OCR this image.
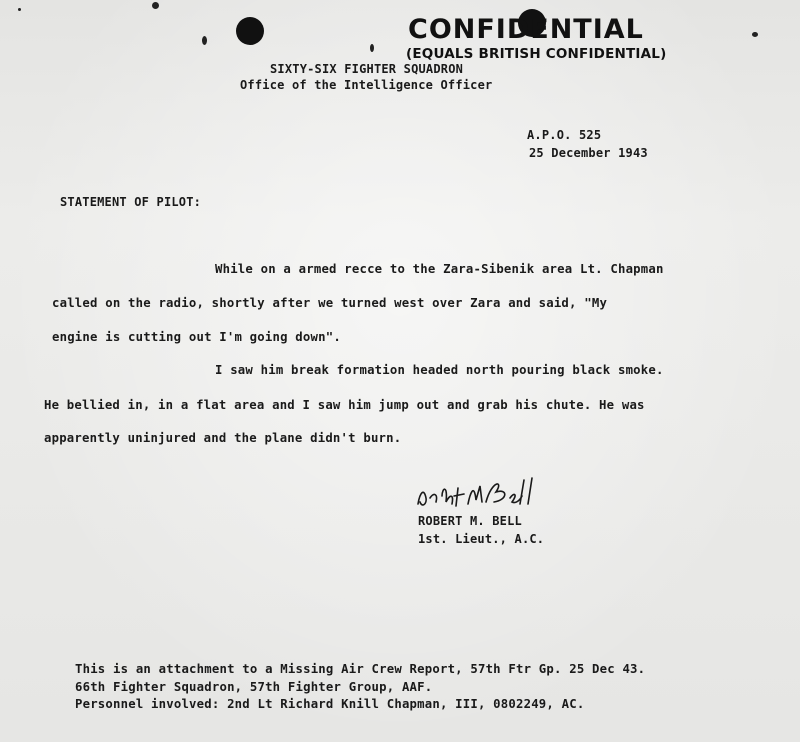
CONFIDENTIAL
(EQUALS BRITISH CONFIDENTIAL)
SIXTY-SIX FIGHTER SQUADRON
Office of the Intelligence Officer
A.P.O. 525
25 December 1943
STATEMENT OF PILOT:
While on a armed recce to the Zara-Sibenik area Lt. Chapman
called on the radio, shortly after we turned west over Zara and said, "My
engine is cutting out I'm going down".
I saw him break formation headed north pouring black smoke.
He bellied in, in a flat area and I saw him jump out and grab his chute. He was
apparently uninjured and the plane didn't burn.
ROBERT M. BELL
1st. Lieut., A.C.
This is an attachment to a Missing Air Crew Report, 57th Ftr Gp. 25 Dec 43.
66th Fighter Squadron, 57th Fighter Group, AAF.
Personnel involved: 2nd Lt Richard Knill Chapman, III, 0802249, AC.
